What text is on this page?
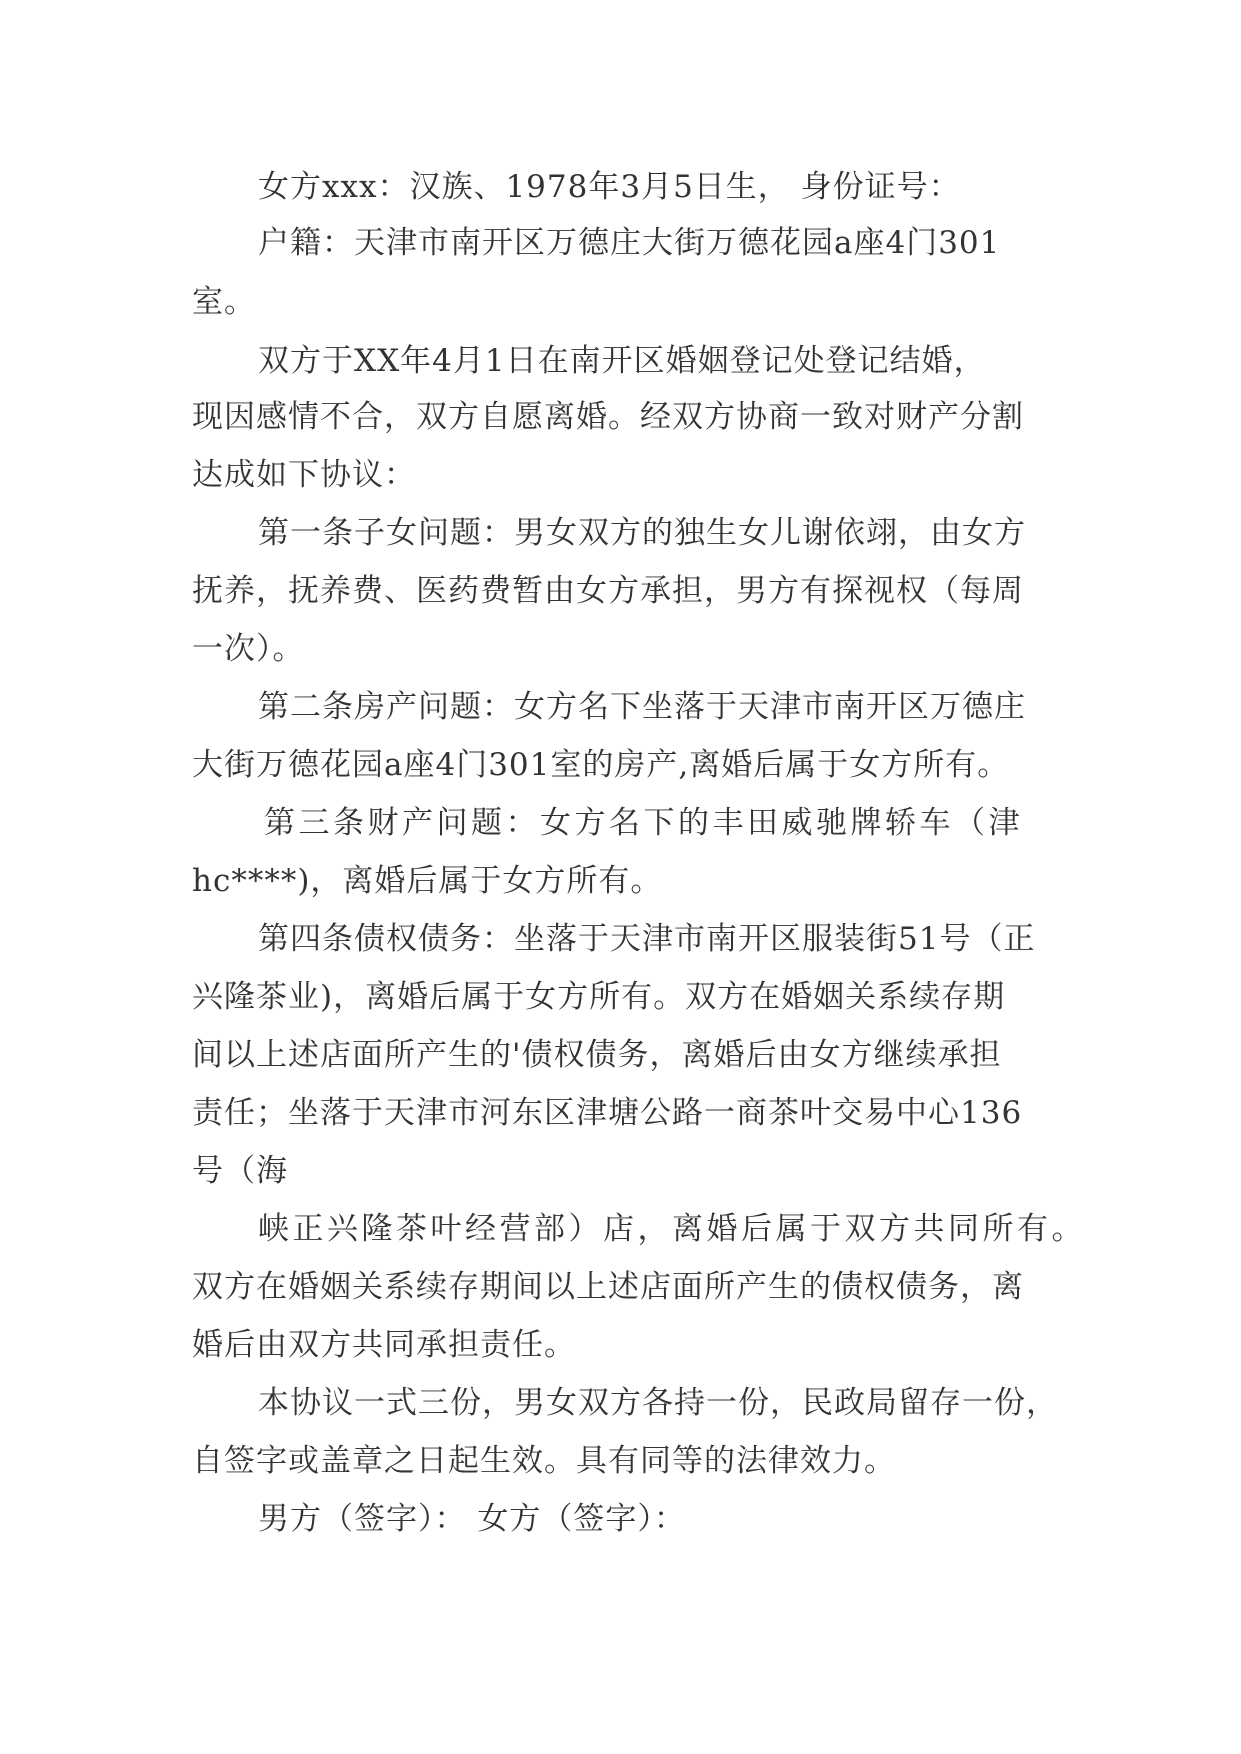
女方xxx：汉族、1978年3月5日生， 身份证号：
户籍：天津市南开区万德庄大街万德花园a座4门301
室。
双方于XX年4月1日在南开区婚姻登记处登记结婚，
现因感情不合，双方自愿离婚。经双方协商一致对财产分割
达成如下协议：
第一条子女问题：男女双方的独生女儿谢依翊，由女方
抚养，抚养费、医药费暂由女方承担，男方有探视权（每周
一次）。
第二条房产问题：女方名下坐落于天津市南开区万德庄
大街万德花园a座4门301室的房产,离婚后属于女方所有。
第三条财产问题：女方名下的丰田威驰牌轿车（津
hc****)，离婚后属于女方所有。
第四条债权债务：坐落于天津市南开区服装街51号（正
兴隆茶业)，离婚后属于女方所有。双方在婚姻关系续存期
间以上述店面所产生的'债权债务，离婚后由女方继续承担
责任；坐落于天津市河东区津塘公路一商茶叶交易中心136
号（海
峡正兴隆茶叶经营部）店，离婚后属于双方共同所有。
双方在婚姻关系续存期间以上述店面所产生的债权债务，离
婚后由双方共同承担责任。
本协议一式三份，男女双方各持一份，民政局留存一份，
自签字或盖章之日起生效。具有同等的法律效力。
男方（签字）： 女方（签字）：
